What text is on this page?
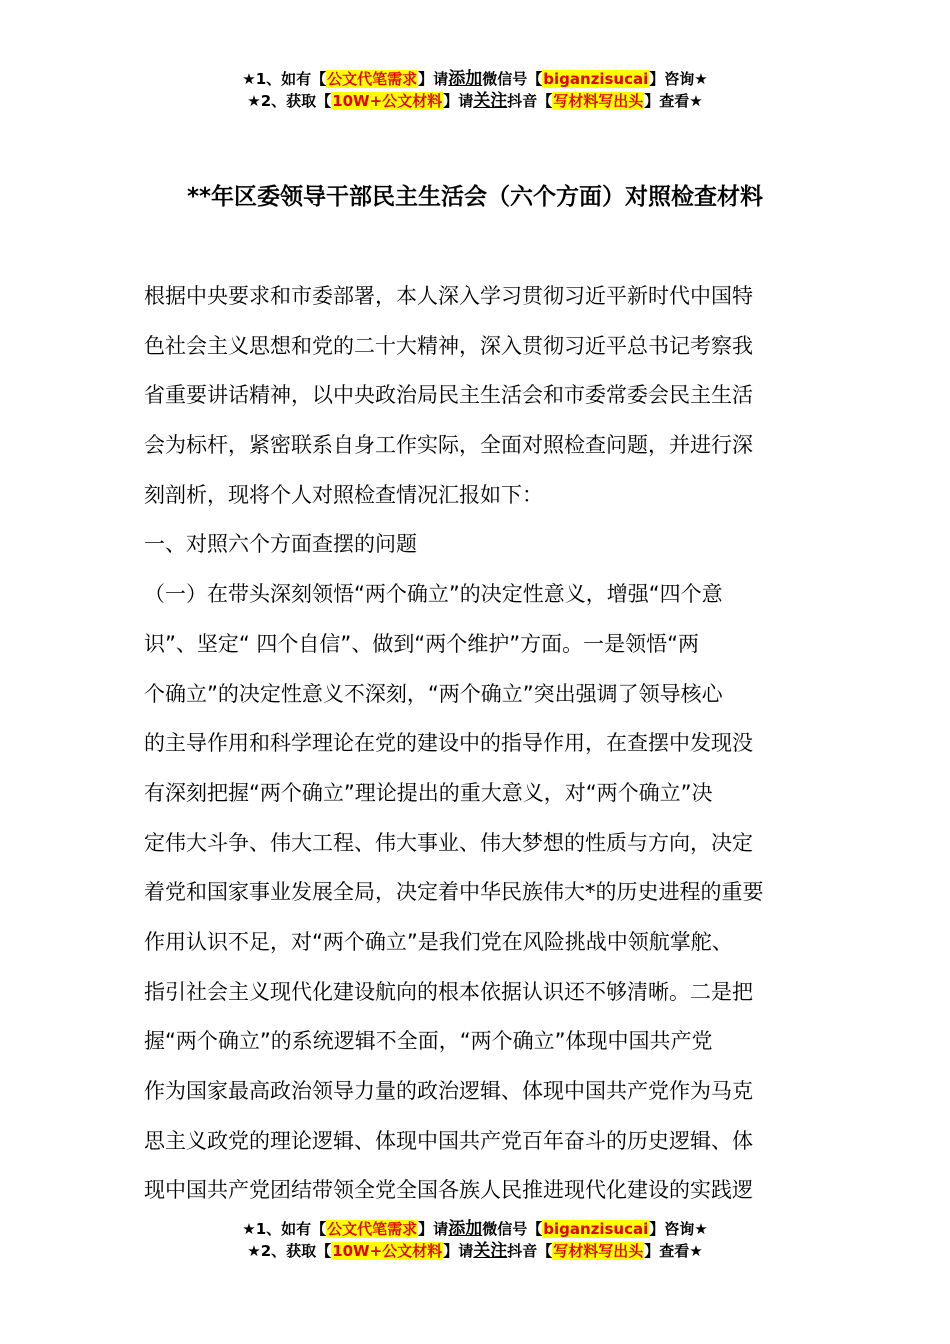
★1、如有【公文代笔需求】请添加微信号【biganzisucai】咨询★
★2、获取【10W+公文材料】请关注抖音【写材料写出头】查看★
**年区委领导干部民主生活会（六个方面）对照检查材料
根据中央要求和市委部署，本人深入学习贯彻习近平新时代中国特
色社会主义思想和党的二十大精神，深入贯彻习近平总书记考察我
省重要讲话精神，以中央政治局民主生活会和市委常委会民主生活
会为标杆，紧密联系自身工作实际，全面对照检查问题，并进行深
刻剖析，现将个人对照检查情况汇报如下：
一、对照六个方面查摆的问题
（一）在带头深刻领悟“两个确立”的决定性意义，增强“四个意
识”、坚定“ 四个自信”、做到“两个维护”方面。一是领悟“两
个确立”的决定性意义不深刻，“两个确立”突出强调了领导核心
的主导作用和科学理论在党的建设中的指导作用，在查摆中发现没
有深刻把握“两个确立”理论提出的重大意义，对“两个确立”决
定伟大斗争、伟大工程、伟大事业、伟大梦想的性质与方向，决定
着党和国家事业发展全局，决定着中华民族伟大*的历史进程的重要
作用认识不足，对“两个确立”是我们党在风险挑战中领航掌舵、
指引社会主义现代化建设航向的根本依据认识还不够清晰。二是把
握“两个确立”的系统逻辑不全面，“两个确立”体现中国共产党
作为国家最高政治领导力量的政治逻辑、体现中国共产党作为马克
思主义政党的理论逻辑、体现中国共产党百年奋斗的历史逻辑、体
现中国共产党团结带领全党全国各族人民推进现代化建设的实践逻
★1、如有【公文代笔需求】请添加微信号【biganzisucai】咨询★
★2、获取【10W+公文材料】请关注抖音【写材料写出头】查看★
